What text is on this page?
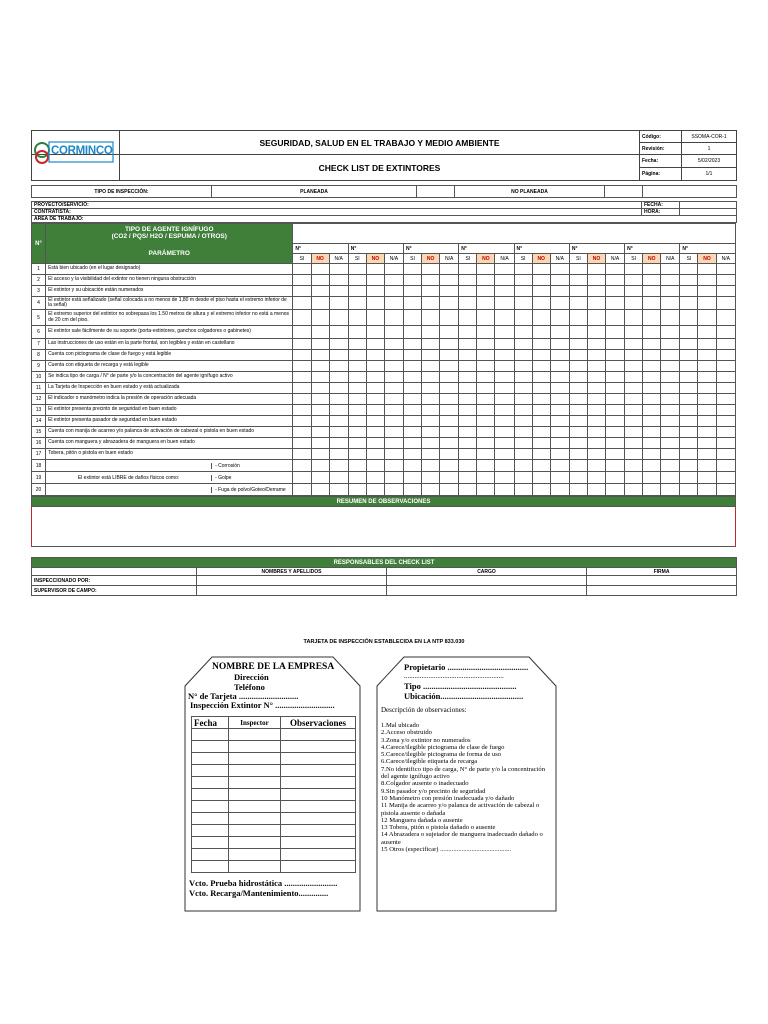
	SEGURIDAD, SALUD EN EL TRABAJO Y MEDIO AMBIENTE	Código:	SSOMA-COR-1
		Revisión:	1
	CHECK LIST DE EXTINTORES	Fecha:	5/02/2023
		Página:	1/1
CORMINCO
TIPO DE INSPECCIÓN:	PLANEADA		NO PLANEADA		
PROYECTO/SERVICIO:	FECHA:	
CONTRATISTA:	HORA:	
ÁREA DE TRABAJO:		
N°	TIPO DE AGENTE IGNÍFUGO
(CO2 / PQS/ H2O / ESPUMA / OTROS)																								

	PARÁMETRO	N°			N°			N°			N°			N°			N°			N°			N°		
		SI	NO	N/A	SI	NO	N/A	SI	NO	N/A	SI	NO	N/A	SI	NO	N/A	SI	NO	N/A	SI	NO	N/A	SI	NO	N/A
1	Está bien ubicado (en el lugar designado)																								
2	El acceso y la visibilidad del extintor no tienen ninguna obstrucción																								
3	El extintor y su ubicación están numerados																								
4	El extintor está señalizado (señal colocada a no menos de 1,80 m desde el piso hasta el extremo inferior de la señal)																								
5	El extremo superior del extintor no sobrepasa los 1.50 metros de altura y el extremo inferior no está a menos de 20 cm del piso.																								
6	El extintor sale fácilmente de su soporte (porta-extintores, ganchos colgadores o gabinetes)																								
7	Las instrucciones de uso están en la parte frontal, son legibles y están en castellano																								
8	Cuenta con pictograma de clase de fuego y está legible																								
9	Cuenta con etiqueta de recarga y está legible																								
10	Se indica tipo de carga / N° de parte y/o la concentración del agente ignífugo activo																								
11	La Tarjeta de Inspección en buen estado y está actualizada																								
12	El indicador o manómetro indica la presión de operación adecuada																								
13	El extintor presenta precinto de seguridad en buen estado																								
14	El extintor presenta pasador de seguridad en buen estado																								
15	Cuenta con manija de acarreo y/o palanca de activación de cabezal o pistola en buen estado																								
16	Cuenta con manguera y abrazadera de manguera en buen estado																								
17	Tobera, pitón o pistola en buen estado																								
18	- Corrosión																								

19	El extintor está LIBRE de daños físicos como: - Golpe																								

20	- Fuga de polvo/Goteo/Derrame																								

RESUMEN DE OBSERVACIONES

RESPONSABLES DEL CHECK LIST			
	NOMBRES Y APELLIDOS	CARGO	FIRMA
INSPECCIONADO POR:			
SUPERVISOR DE CAMPO:			
TARJETA DE INSPECCIÓN ESTABLECIDA EN LA NTP 833.030
NOMBRE DE LA EMPRESA
Dirección
Teléfono
N° de Tarjeta ............................
Inspección Extintor N° ............................
Fecha	Inspector	Observaciones

Vcto. Prueba hidrostática .........................
Vcto. Recarga/Mantenimiento..............
Propietario ......................................
.........................................................
Tipo ............................................
Ubicación.......................................
Descripción de observaciones:
1.Mal ubicado
2.Acceso obstruido
3.Zona y/o extintor no numerados
4.Carece/ilegible pictograma de clase de fuego
5.Carece/ilegible pictograma de forma de uso
6.Carece/ilegible etiqueta de recarga
7.No identifico tipo de carga, N° de parte y/o la concentración del agente ignífugo activo
8.Colgador ausente o inadecuado
9.Sin pasador y/o precinto de seguridad
10 Manómetro con presión inadecuada y/o dañado
11 Manija de acarreo y/o palanca de activación de cabezal o pistola ausente o dañada
12 Manguera dañada o ausente
13 Tobera, pitón o pistola dañado o ausente
14 Abrazadera o sujetador de manguera inadecuado dañado o ausente
15 Otros (especificar) ...........................................
